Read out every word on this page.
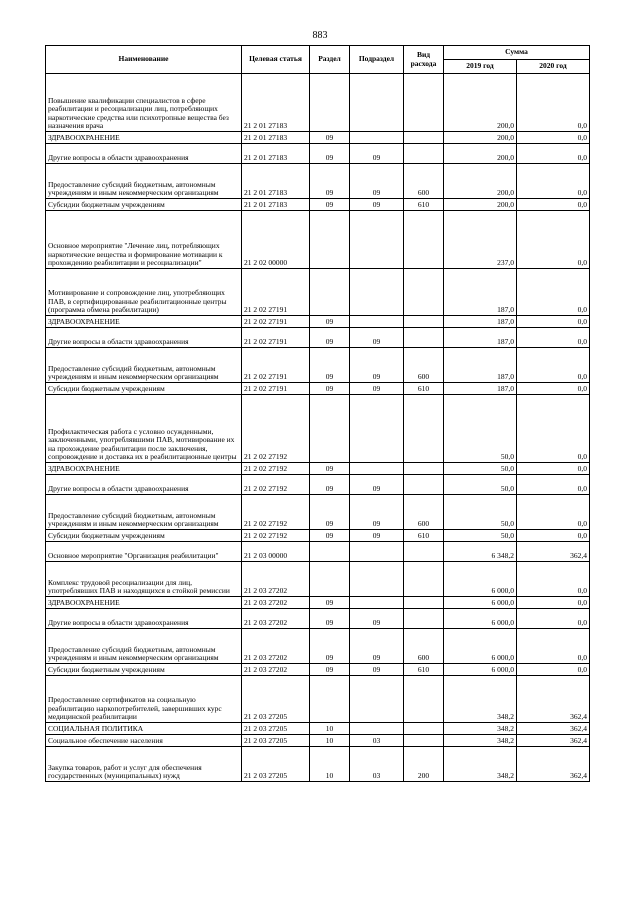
883
Наименование	Целевая статья	Раздел	Подраздел	Вид расхода	Сумма	
					2019 год	2020 год
Повышение квалификации специалистов в сфере реабилитации и ресоциализации лиц, потребляющих наркотические средства или психотропные вещества без назначения врача	21 2 01 27183				200,0	0,0
ЗДРАВООХРАНЕНИЕ	21 2 01 27183	09			200,0	0,0
Другие вопросы в области здравоохранения	21 2 01 27183	09	09		200,0	0,0
Предоставление субсидий бюджетным, автономным учреждениям и иным некоммерческим организациям	21 2 01 27183	09	09	600	200,0	0,0
Субсидии бюджетным учреждениям	21 2 01 27183	09	09	610	200,0	0,0
Основное мероприятие "Лечение лиц, потребляющих наркотические вещества и формирование мотивации к прохождению реабилитации и ресоциализации"	21 2 02 00000				237,0	0,0
Мотивирование и сопровождение лиц, употребляющих ПАВ, в сертифицированные реабилитационные центры (программа обмена реабилитации)	21 2 02 27191				187,0	0,0
ЗДРАВООХРАНЕНИЕ	21 2 02 27191	09			187,0	0,0
Другие вопросы в области здравоохранения	21 2 02 27191	09	09		187,0	0,0
Предоставление субсидий бюджетным, автономным учреждениям и иным некоммерческим организациям	21 2 02 27191	09	09	600	187,0	0,0
Субсидии бюджетным учреждениям	21 2 02 27191	09	09	610	187,0	0,0
Профилактическая работа с условно осужденными, заключенными, употреблявшими ПАВ, мотивирование их на прохождение реабилитации после заключения, сопровождение и доставка их в реабилитационные центры	21 2 02 27192				50,0	0,0
ЗДРАВООХРАНЕНИЕ	21 2 02 27192	09			50,0	0,0
Другие вопросы в области здравоохранения	21 2 02 27192	09	09		50,0	0,0
Предоставление субсидий бюджетным, автономным учреждениям и иным некоммерческим организациям	21 2 02 27192	09	09	600	50,0	0,0
Субсидии бюджетным учреждениям	21 2 02 27192	09	09	610	50,0	0,0
Основное мероприятие "Организация реабилитации"	21 2 03 00000				6 348,2	362,4
Комплекс трудовой ресоциализации для лиц, употреблявших ПАВ и находящихся в стойкой ремиссии	21 2 03 27202				6 000,0	0,0
ЗДРАВООХРАНЕНИЕ	21 2 03 27202	09			6 000,0	0,0
Другие вопросы в области здравоохранения	21 2 03 27202	09	09		6 000,0	0,0
Предоставление субсидий бюджетным, автономным учреждениям и иным некоммерческим организациям	21 2 03 27202	09	09	600	6 000,0	0,0
Субсидии бюджетным учреждениям	21 2 03 27202	09	09	610	6 000,0	0,0
Предоставление сертификатов на социальную реабилитацию наркопотребителей, завершивших курс медицинской реабилитации	21 2 03 27205				348,2	362,4
СОЦИАЛЬНАЯ ПОЛИТИКА	21 2 03 27205	10			348,2	362,4
Социальное обеспечение населения	21 2 03 27205	10	03		348,2	362,4
Закупка товаров, работ и услуг для обеспечения государственных (муниципальных) нужд	21 2 03 27205	10	03	200	348,2	362,4
